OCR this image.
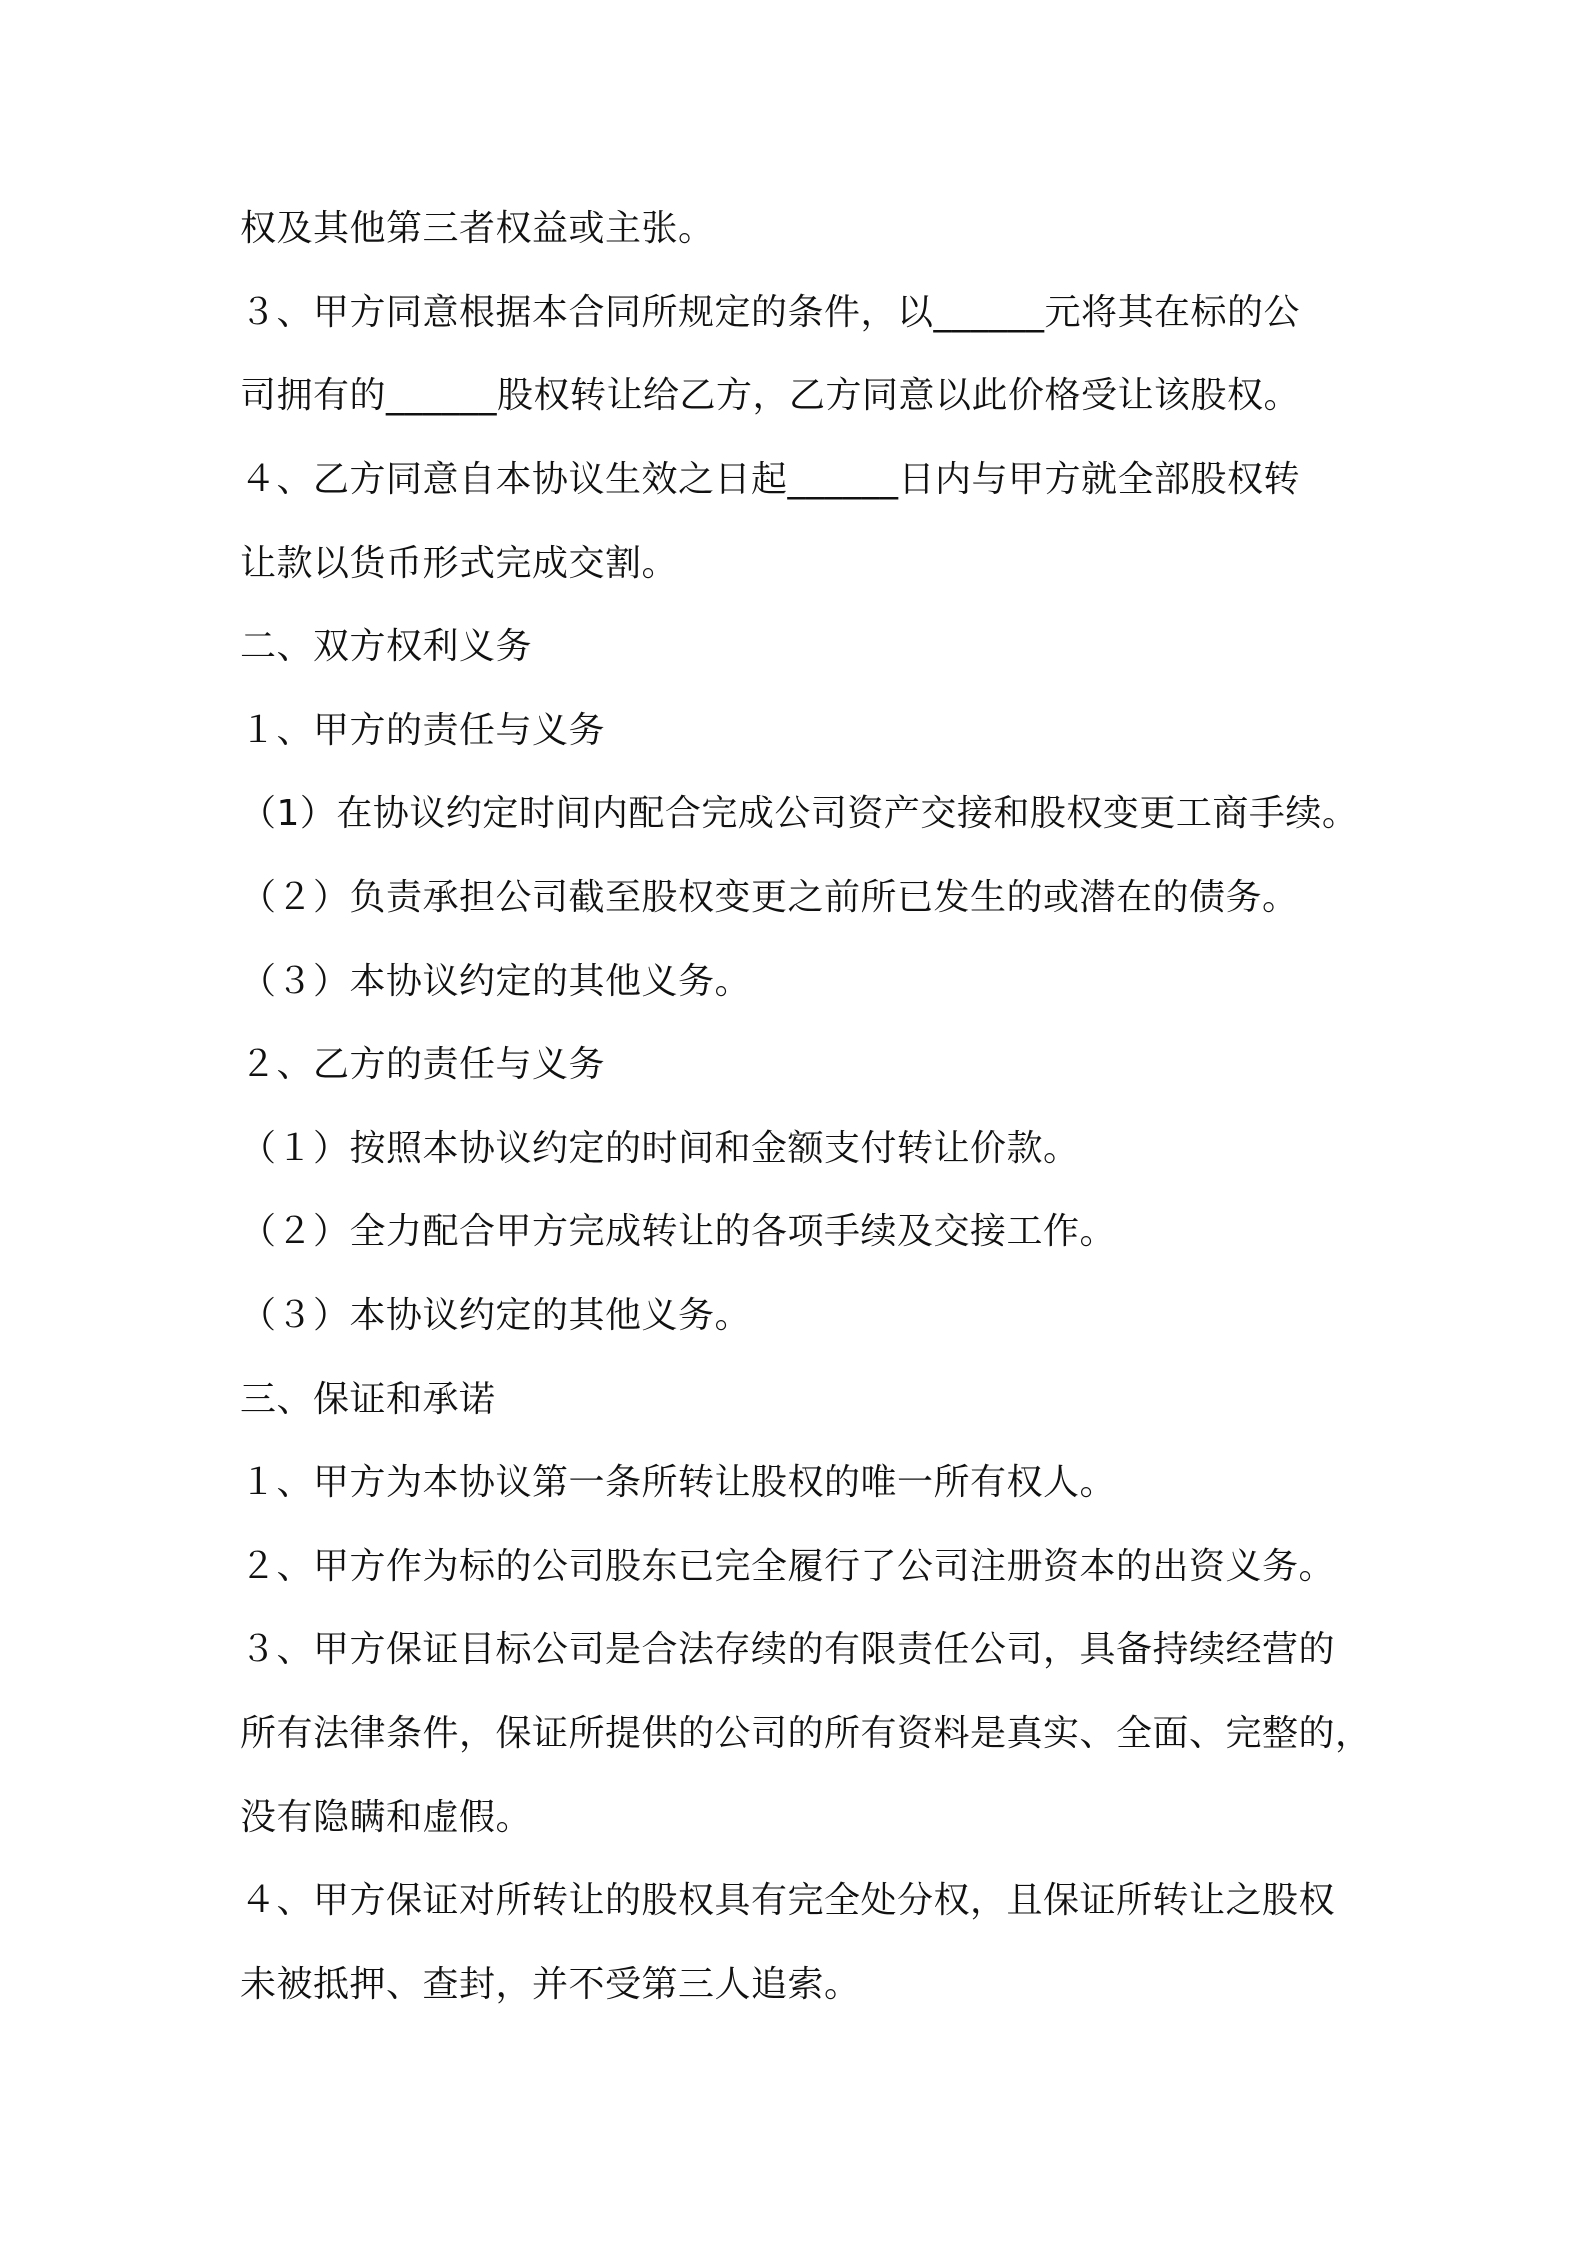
权及其他第三者权益或主张。
３、甲方同意根据本合同所规定的条件，以______元将其在标的公
司拥有的______股权转让给乙方，乙方同意以此价格受让该股权。
４、乙方同意自本协议生效之日起______日内与甲方就全部股权转
让款以货币形式完成交割。
二、双方权利义务
１、甲方的责任与义务
（1）在协议约定时间内配合完成公司资产交接和股权变更工商手续。
（２）负责承担公司截至股权变更之前所已发生的或潜在的债务。
（３）本协议约定的其他义务。
２、乙方的责任与义务
（１）按照本协议约定的时间和金额支付转让价款。
（２）全力配合甲方完成转让的各项手续及交接工作。
（３）本协议约定的其他义务。
三、保证和承诺
１、甲方为本协议第一条所转让股权的唯一所有权人。
２、甲方作为标的公司股东已完全履行了公司注册资本的出资义务。
３、甲方保证目标公司是合法存续的有限责任公司，具备持续经营的
所有法律条件，保证所提供的公司的所有资料是真实、全面、完整的，
没有隐瞒和虚假。
４、甲方保证对所转让的股权具有完全处分权，且保证所转让之股权
未被抵押、查封，并不受第三人追索。
